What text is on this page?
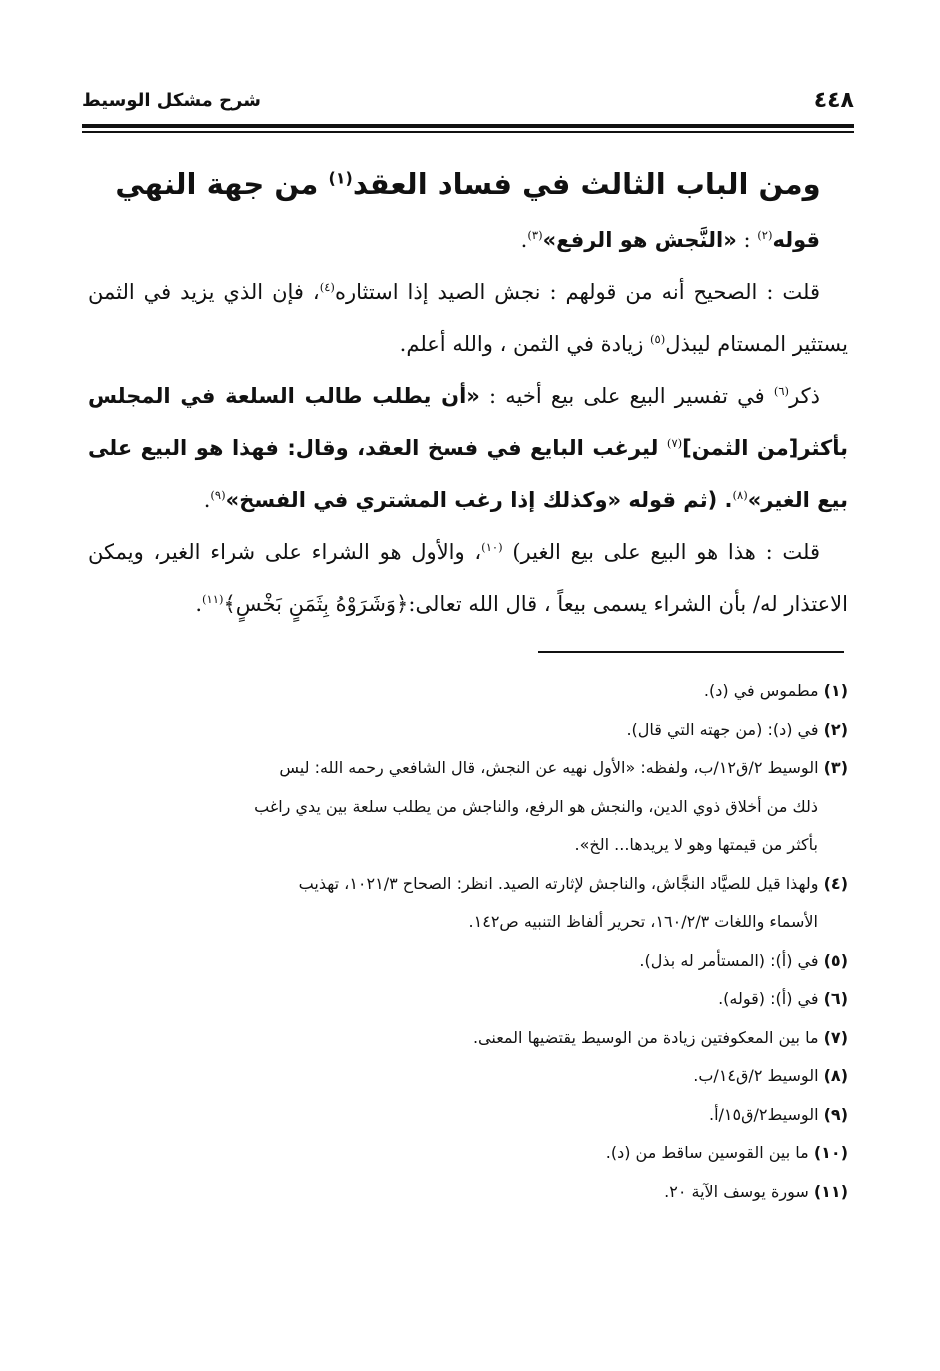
٤٤٨
شرح مشكل الوسيط
ومن الباب الثالث في فساد العقد$^{(١)}$ من جهة النهي

قوله$^{(٢)}$ : «النَّجش هو الرفع»$^{(٣)}$.

قلت : الصحيح أنه من قولهم : نجش الصيد إذا استثاره$^{(٤)}$، فإن الذي يزيد في الثمن يستثير المستام ليبذل$^{(٥)}$ زيادة في الثمن ، والله أعلم.

ذكر$^{(٦)}$ في تفسير البيع على بيع أخيه : «أن يطلب طالب السلعة في المجلس بأكثر[من الثمن]$^{(٧)}$ ليرغب البايع في فسخ العقد، وقال: فهذا هو البيع على بيع الغير»$^{(٨)}$. (ثم قوله «وكذلك إذا رغب المشتري في الفسخ»$^{(٩)}$.

قلت : هذا هو البيع على بيع الغير) $^{(١٠)}$، والأول هو الشراء على شراء الغير، ويمكن الاعتذار له/ بأن الشراء يسمى بيعاً ، قال الله تعالى:﴿وَشَرَوْهُ بِثَمَنٍ بَخْسٍ﴾$^{(١١)}$.

(١) مطموس في (د).

(٢) في (د): (من جهته التي قال).

(٣) الوسيط ٢/ق١٢/ب، ولفظه: «الأول نهيه عن النجش، قال الشافعي رحمه الله: ليس

ذلك من أخلاق ذوي الدين، والنجش هو الرفع، والناجش من يطلب سلعة بين يدي راغب

بأكثر من قيمتها وهو لا يريدها... الخ».

(٤) ولهذا قيل للصيَّاد النجَّاش، والناجش لإثارته الصيد. انظر: الصحاح ١٠٢١/٣، تهذيب

الأسماء واللغات ١٦٠/٢/٣، تحرير ألفاظ التنبيه ص١٤٢.

(٥) في (أ): (المستأمر له بذل).

(٦) في (أ): (قوله).

(٧) ما بين المعكوفتين زيادة من الوسيط يقتضيها المعنى.

(٨) الوسيط ٢/ق١٤/ب.

(٩) الوسيط٢/ق١٥/أ.

(١٠) ما بين القوسين ساقط من (د).

(١١) سورة يوسف الآية ٢٠.
